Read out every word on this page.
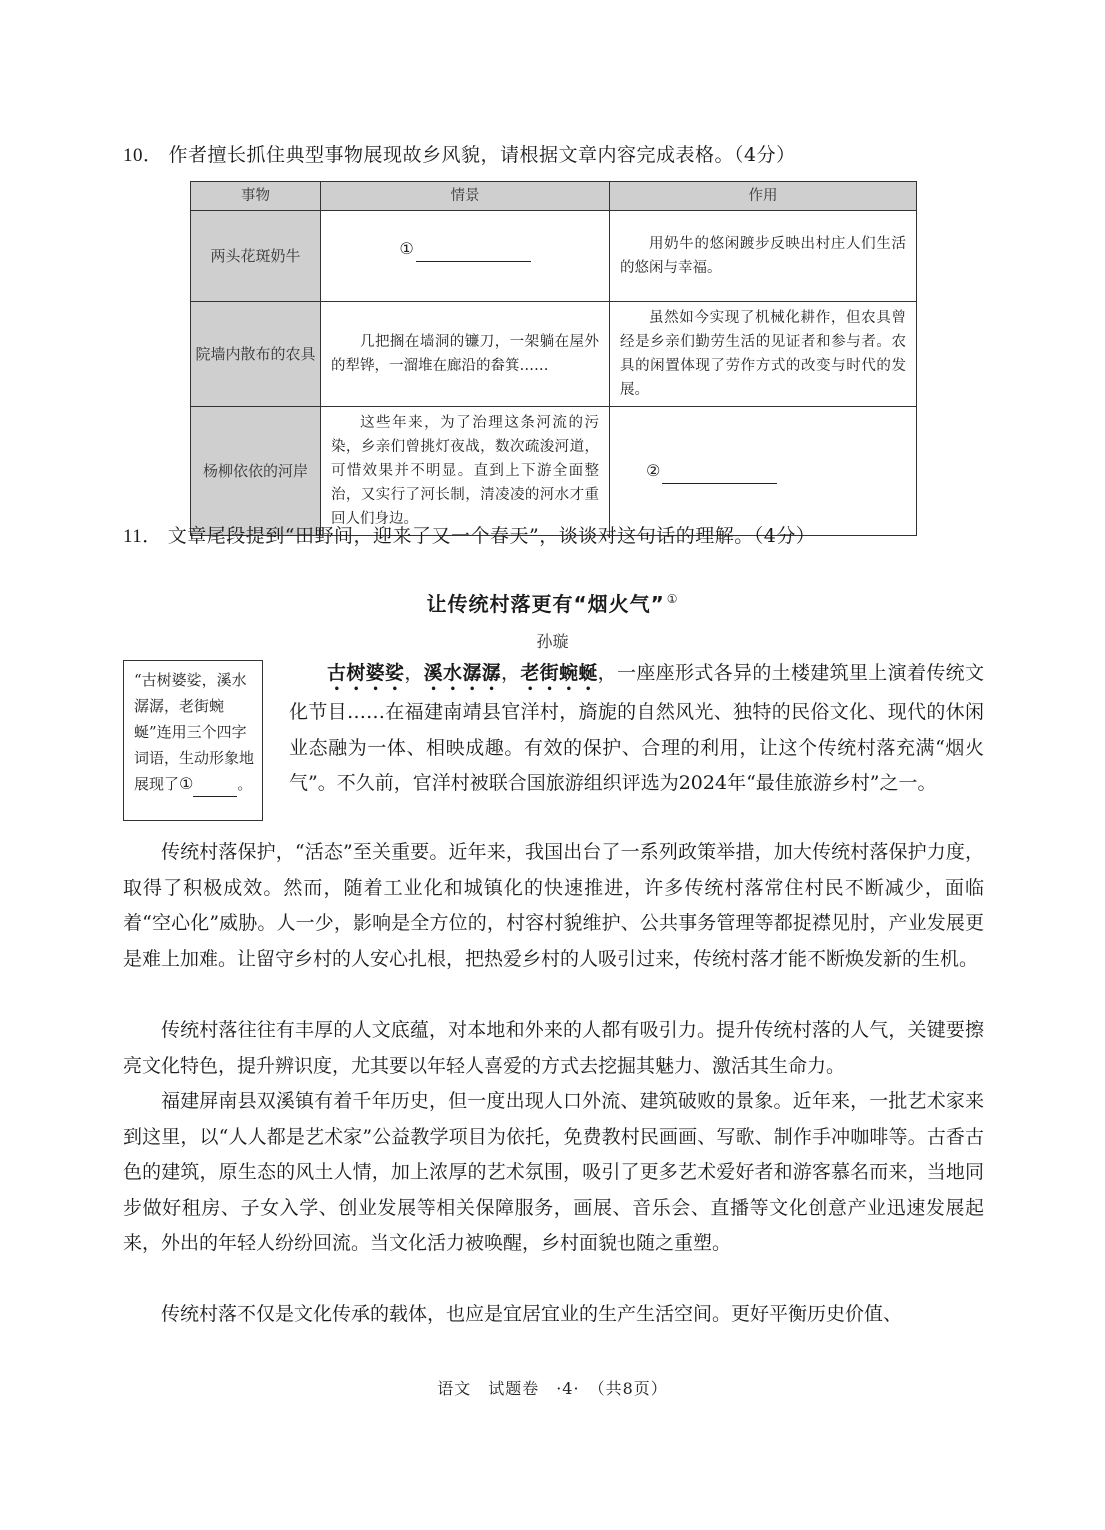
10． 作者擅长抓住典型事物展现故乡风貌，请根据文章内容完成表格。（4分）
事物	情景	作用
两头花斑奶牛	①	用奶牛的悠闲踱步反映出村庄人们生活的悠闲与幸福。
院墙内散布的农具	几把搁在墙洞的镰刀，一架躺在屋外的犁铧，一溜堆在廊沿的畚箕……	虽然如今实现了机械化耕作，但农具曾经是乡亲们勤劳生活的见证者和参与者。农具的闲置体现了劳作方式的改变与时代的发展。
杨柳依依的河岸	这些年来，为了治理这条河流的污染，乡亲们曾挑灯夜战，数次疏浚河道，可惜效果并不明显。直到上下游全面整治，又实行了河长制，清凌凌的河水才重回人们身边。	②
11． 文章尾段提到“田野间，迎来了又一个春天”，谈谈对这句话的理解。（4分）
让传统村落更有“烟火气” ①
孙璇
“古树婆娑，溪水潺潺，老街蜿蜒”连用三个四字词语，生动形象地展现了①	。
古树婆娑，溪水潺潺，老街蜿蜒，一座座形式各异的土楼建筑里上演着传统文化节目……在福建南靖县官洋村，旖旎的自然风光、独特的民俗文化、现代的休闲业态融为一体、相映成趣。有效的保护、合理的利用，让这个传统村落充满“烟火气”。不久前，官洋村被联合国旅游组织评选为2024年“最佳旅游乡村”之一。
传统村落保护，“活态”至关重要。近年来，我国出台了一系列政策举措，加大传统村落保护力度，取得了积极成效。然而，随着工业化和城镇化的快速推进，许多传统村落常住村民不断减少，面临着“空心化”威胁。人一少，影响是全方位的，村容村貌维护、公共事务管理等都捉襟见肘，产业发展更是难上加难。让留守乡村的人安心扎根，把热爱乡村的人吸引过来，传统村落才能不断焕发新的生机。
传统村落往往有丰厚的人文底蕴，对本地和外来的人都有吸引力。提升传统村落的人气，关键要擦亮文化特色，提升辨识度，尤其要以年轻人喜爱的方式去挖掘其魅力、激活其生命力。
福建屏南县双溪镇有着千年历史，但一度出现人口外流、建筑破败的景象。近年来，一批艺术家来到这里，以“人人都是艺术家”公益教学项目为依托，免费教村民画画、写歌、制作手冲咖啡等。古香古色的建筑，原生态的风土人情，加上浓厚的艺术氛围，吸引了更多艺术爱好者和游客慕名而来，当地同步做好租房、子女入学、创业发展等相关保障服务，画展、音乐会、直播等文化创意产业迅速发展起来，外出的年轻人纷纷回流。当文化活力被唤醒，乡村面貌也随之重塑。
传统村落不仅是文化传承的载体，也应是宜居宜业的生产生活空间。更好平衡历史价值、
语文　试题卷　·4·　（共8页）
